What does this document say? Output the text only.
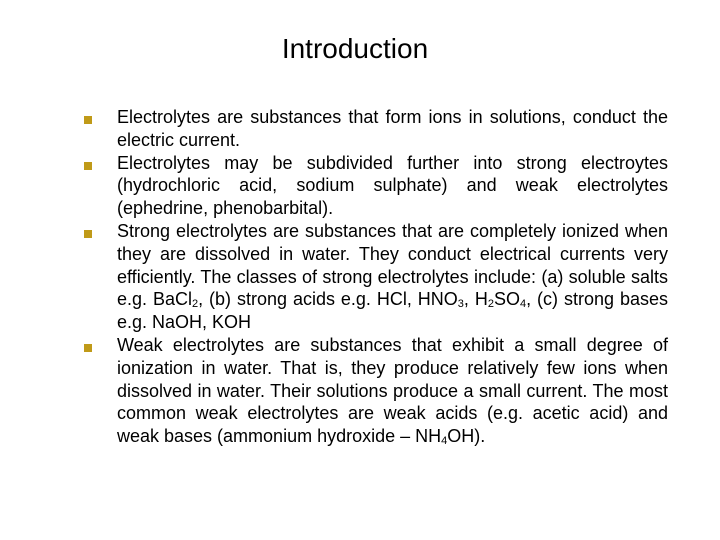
Introduction
Electrolytes are substances that form ions in solutions, conduct the electric current.
Electrolytes may be subdivided further into strong electroytes (hydrochloric acid, sodium sulphate) and weak electrolytes (ephedrine, phenobarbital).
Strong electrolytes are substances that are completely ionized when they are dissolved in water. They conduct electrical currents very efficiently. The classes of strong electrolytes include: (a) soluble salts e.g. BaCl$_2$, (b) strong acids e.g. HCl, $HNO_3$, $H_2SO_4$, (c) strong bases e.g. NaOH, KOH
Weak electrolytes are substances that exhibit a small degree of ionization in water. That is, they produce relatively few ions when dissolved in water. Their solutions produce a small current. The most common weak electrolytes are weak acids (e.g. acetic acid) and weak bases (ammonium hydroxide – $NH_4OH$).
